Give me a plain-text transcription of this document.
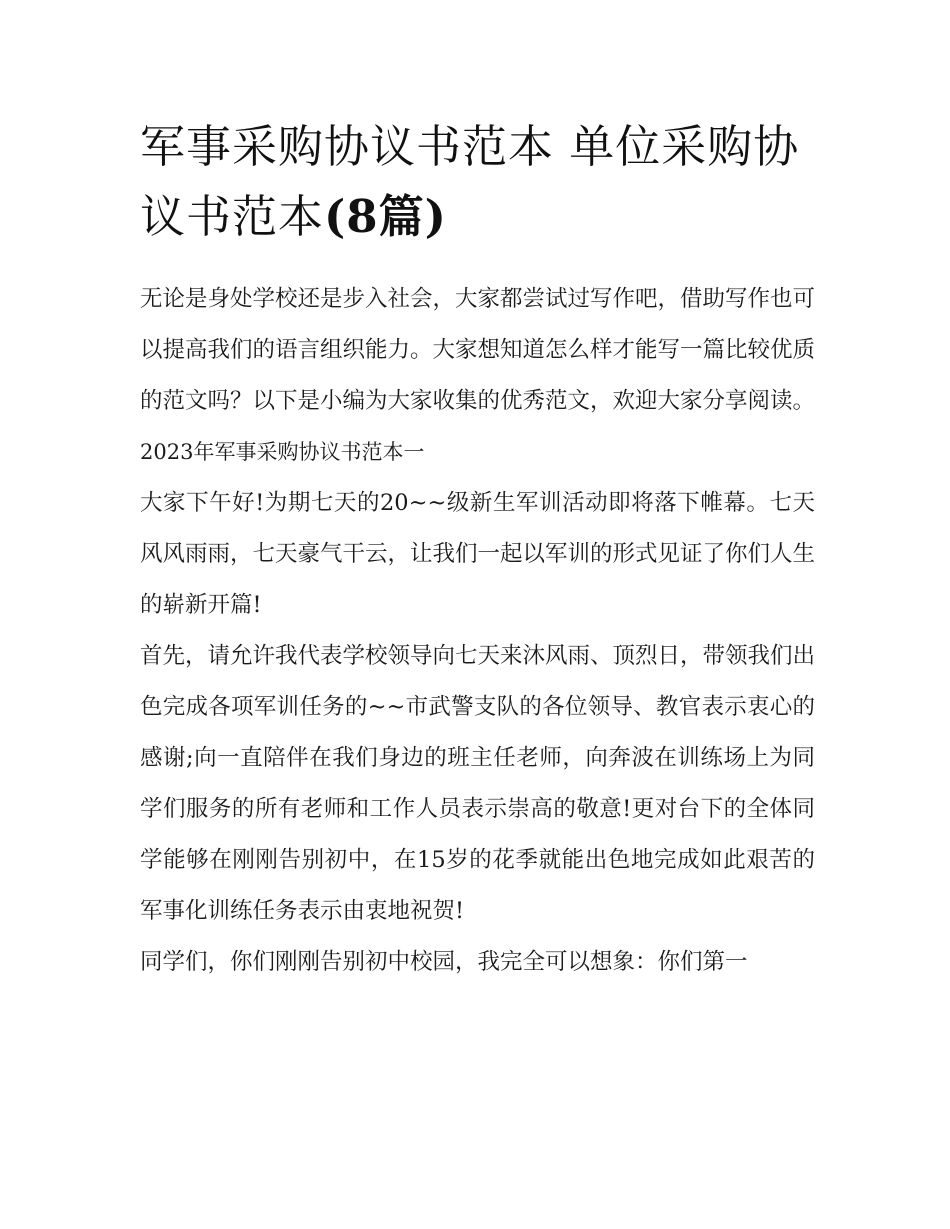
军事采购协议书范本 单位采购协议书范本(8篇)

无论是身处学校还是步入社会，大家都尝试过写作吧，借助写作也可以提高我们的语言组织能力。大家想知道怎么样才能写一篇比较优质的范文吗？以下是小编为大家收集的优秀范文，欢迎大家分享阅读。

2023年军事采购协议书范本一

大家下午好!为期七天的20~~级新生军训活动即将落下帷幕。七天风风雨雨，七天豪气干云，让我们一起以军训的形式见证了你们人生的崭新开篇!

首先，请允许我代表学校领导向七天来沐风雨、顶烈日，带领我们出色完成各项军训任务的~~市武警支队的各位领导、教官表示衷心的感谢;向一直陪伴在我们身边的班主任老师，向奔波在训练场上为同学们服务的所有老师和工作人员表示崇高的敬意!更对台下的全体同学能够在刚刚告别初中，在15岁的花季就能出色地完成如此艰苦的军事化训练任务表示由衷地祝贺!

同学们，你们刚刚告别初中校园，我完全可以想象：你们第一
